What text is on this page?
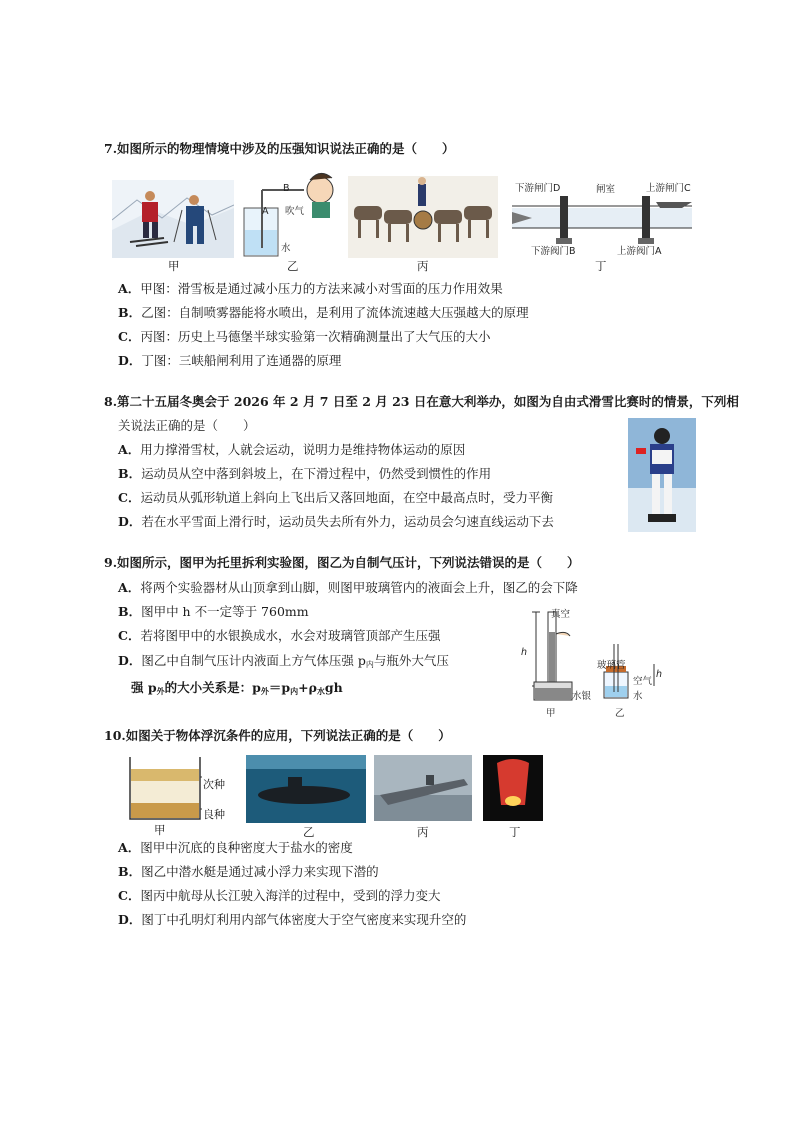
7.如图所示的物理情境中涉及的压强知识说法正确的是（　　）
甲
B
A 吹气
水
乙	丙
下游闸门D	闸室	上游闸门C
下游阀门B	上游阀门A
丁
A．甲图：滑雪板是通过减小压力的方法来减小对雪面的压力作用效果
B．乙图：自制喷雾器能将水喷出，是利用了流体流速越大压强越大的原理
C．丙图：历史上马德堡半球实验第一次精确测量出了大气压的大小
D．丁图：三峡船闸利用了连通器的原理
8.第二十五届冬奥会于 2026 年 2 月 7 日至 2 月 23 日在意大利举办，如图为自由式滑雪比赛时的情景，下列相
关说法正确的是（　　）
A．用力撑滑雪杖，人就会运动，说明力是维持物体运动的原因
B．运动员从空中落到斜坡上，在下滑过程中，仍然受到惯性的作用
C．运动员从弧形轨道上斜向上飞出后又落回地面，在空中最高点时，受力平衡
D．若在水平雪面上滑行时，运动员失去所有外力，运动员会匀速直线运动下去
9.如图所示，图甲为托里拆利实验图，图乙为自制气压计，下列说法错误的是（　　）
A．将两个实验器材从山顶拿到山脚，则图甲玻璃管内的液面会上升，图乙的会下降
B．图甲中 h 不一定等于 760mm
C．若将图甲中的水银换成水，水会对玻璃管顶部产生压强
D．图乙中自制气压计内液面上方气体压强 $p_内$与瓶外大气压
强 $p_外$的大小关系是：$p_外=p_内+\rho_水gh$
真空
h
玻璃管
空气
h
水
水银
甲	乙
10.如图关于物体浮沉条件的应用，下列说法正确的是（　　）
次种
良种
甲	乙	丙	丁
A．图甲中沉底的良种密度大于盐水的密度
B．图乙中潜水艇是通过减小浮力来实现下潜的
C．图丙中航母从长江驶入海洋的过程中，受到的浮力变大
D．图丁中孔明灯利用内部气体密度大于空气密度来实现升空的
